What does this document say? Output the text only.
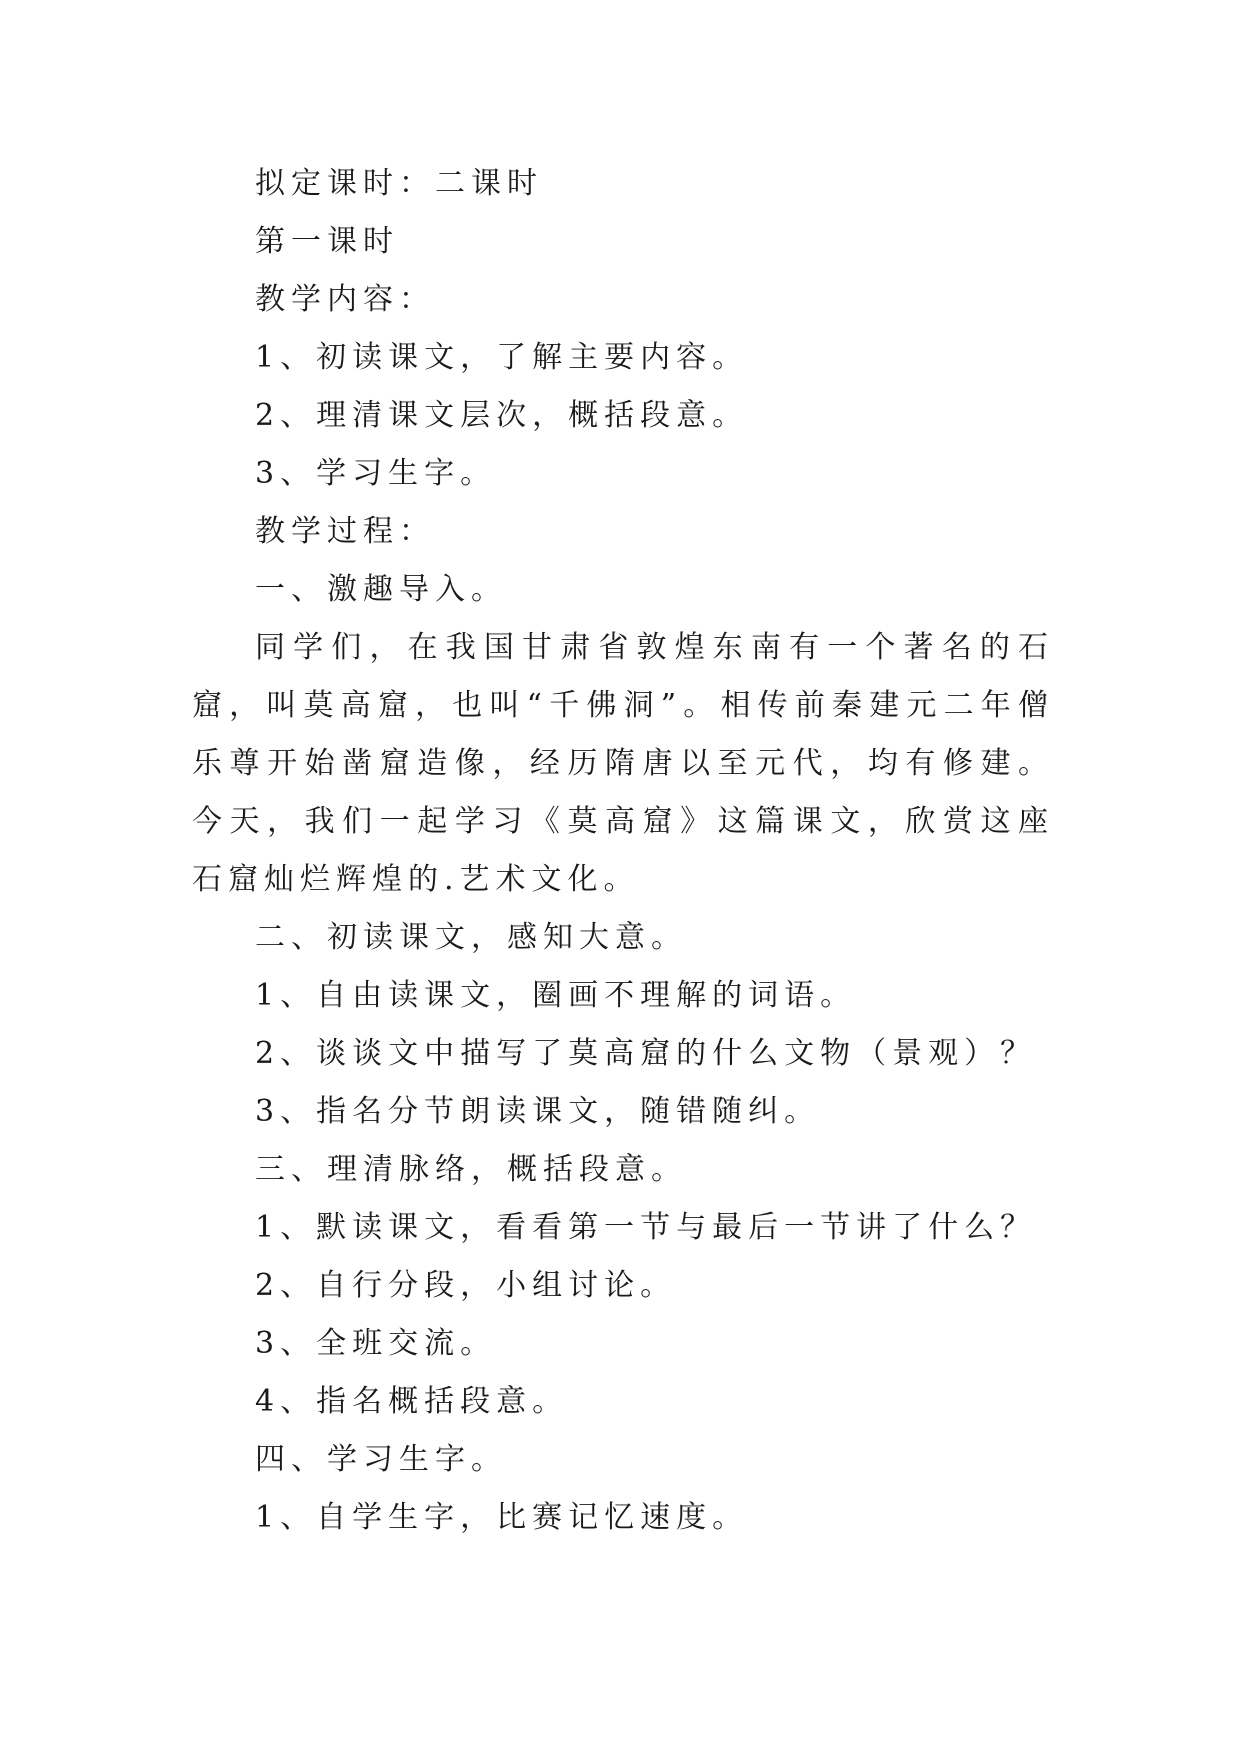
拟定课时：二课时

第一课时

教学内容：

1、初读课文，了解主要内容。

2、理清课文层次，概括段意。

3、学习生字。

教学过程：

一、激趣导入。

同学们，在我国甘肃省敦煌东南有一个著名的石窟，叫莫高窟，也叫“千佛洞”。相传前秦建元二年僧乐尊开始凿窟造像，经历隋唐以至元代，均有修建。今天，我们一起学习《莫高窟》这篇课文，欣赏这座石窟灿烂辉煌的.艺术文化。

二、初读课文，感知大意。

1、自由读课文，圈画不理解的词语。

2、谈谈文中描写了莫高窟的什么文物（景观）？

3、指名分节朗读课文，随错随纠。

三、理清脉络，概括段意。

1、默读课文，看看第一节与最后一节讲了什么？

2、自行分段，小组讨论。

3、全班交流。

4、指名概括段意。

四、学习生字。

1、自学生字，比赛记忆速度。
